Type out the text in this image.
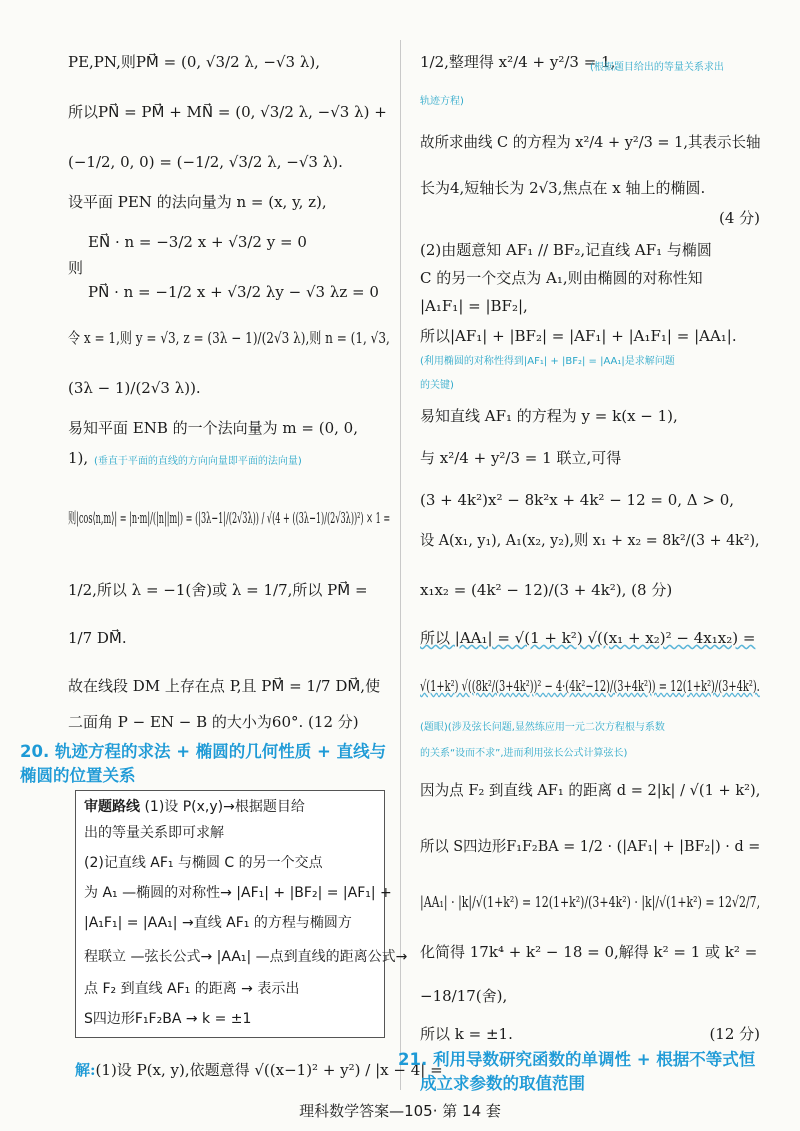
PE,PN,则PM⃗ = (0, √3/2 λ, −√3 λ),
所以PN⃗ = PM⃗ + MN⃗ = (0, √3/2 λ, −√3 λ) +
(−1/2, 0, 0) = (−1/2, √3/2 λ, −√3 λ).
设平面 PEN 的法向量为 n = (x, y, z),
EN⃗ · n = −3/2 x + √3/2 y = 0
则
PN⃗ · n = −1/2 x + √3/2 λy − √3 λz = 0
令 x = 1,则 y = √3, z = (3λ − 1)/(2√3 λ),则 n = (1, √3,
(3λ − 1)/(2√3 λ)).
易知平面 ENB 的一个法向量为 m = (0, 0,
1),
则|cos⟨n,m⟩| = |n·m|/(|n||m|) = (|3λ−1|/(2√3λ)) / √(4 + ((3λ−1)/(2√3λ))²) × 1 =
1/2,所以 λ = −1(舍)或 λ = 1/7,所以 PM⃗ =
1/7 DM⃗.
故在线段 DM 上存在点 P,且 PM⃗ = 1/7 DM⃗,使
二面角 P − EN − B 的大小为60°. (12 分)
(垂直于平面的直线的方向向量即平面的法向量)
1/2,整理得 x²/4 + y²/3 = 1,
故所求曲线 C 的方程为 x²/4 + y²/3 = 1,其表示长轴
长为4,短轴长为 2√3,焦点在 x 轴上的椭圆.
(4 分)
(2)由题意知 AF₁ // BF₂,记直线 AF₁ 与椭圆
C 的另一个交点为 A₁,则由椭圆的对称性知
|A₁F₁| = |BF₂|,
所以|AF₁| + |BF₂| = |AF₁| + |A₁F₁| = |AA₁|.
易知直线 AF₁ 的方程为 y = k(x − 1),
与 x²/4 + y²/3 = 1 联立,可得
(3 + 4k²)x² − 8k²x + 4k² − 12 = 0, Δ > 0,
设 A(x₁, y₁), A₁(x₂, y₂),则 x₁ + x₂ = 8k²/(3 + 4k²),
x₁x₂ = (4k² − 12)/(3 + 4k²), (8 分)
所以 |AA₁| = √(1 + k²) √((x₁ + x₂)² − 4x₁x₂) =
√(1+k²) √((8k²/(3+4k²))² − 4·(4k²−12)/(3+4k²)) = 12(1+k²)/(3+4k²).
因为点 F₂ 到直线 AF₁ 的距离 d = 2|k| / √(1 + k²),
所以 S四边形F₁F₂BA = 1/2 · (|AF₁| + |BF₂|) · d =
|AA₁| · |k|/√(1+k²) = 12(1+k²)/(3+4k²) · |k|/√(1+k²) = 12√2/7,
化简得 17k⁴ + k² − 18 = 0,解得 k² = 1 或 k² =
−18/17(舍),
所以 k = ±1.	(12 分)
(根据题目给出的等量关系求出
轨迹方程)
(利用椭圆的对称性得到|AF₁| + |BF₂| = |AA₁|是求解问题
的关键)
(题眼)(涉及弦长问题,显然练应用一元二次方程根与系数
的关系“设而不求”,进而利用弦长公式计算弦长)
20. 轨迹方程的求法 + 椭圆的几何性质 + 直线与
椭圆的位置关系
审题路线 (1)设 P(x,y)→根据题目给
出的等量关系即可求解
(2)记直线 AF₁ 与椭圆 C 的另一个交点
为 A₁ —椭圆的对称性→ |AF₁| + |BF₂| = |AF₁| +
|A₁F₁| = |AA₁| →直线 AF₁ 的方程与椭圆方
程联立 —弦长公式→ |AA₁| —点到直线的距离公式→
点 F₂ 到直线 AF₁ 的距离 → 表示出
S四边形F₁F₂BA → k = ±1
解:(1)设 P(x, y),依题意得 √((x−1)² + y²) / |x − 4| =
21. 利用导数研究函数的单调性 + 根据不等式恒
成立求参数的取值范围
理科数学答案—105· 第 14 套
